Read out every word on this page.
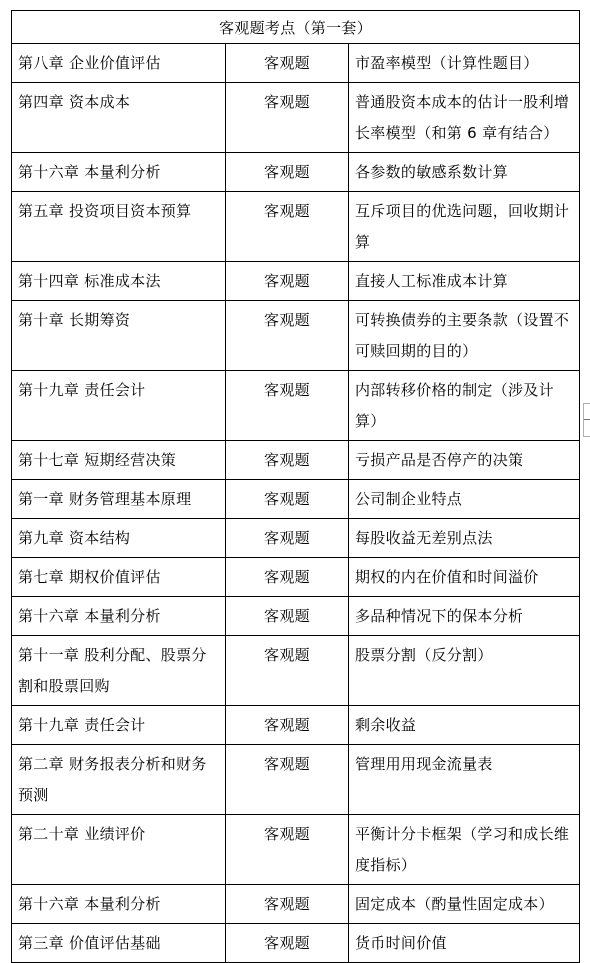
客观题考点（第一套）		
第八章 企业价值评估	客观题	市盈率模型（计算性题目）
第四章 资本成本	客观题	普通股资本成本的估计一股利增长率模型（和第 6 章有结合）
第十六章 本量利分析	客观题	各参数的敏感系数计算
第五章 投资项目资本预算	客观题	互斥项目的优选问题，回收期计算
第十四章 标准成本法	客观题	直接人工标准成本计算
第十章 长期筹资	客观题	可转换债券的主要条款（设置不可赎回期的目的）
第十九章 责任会计	客观题	内部转移价格的制定（涉及计算）
第十七章 短期经营决策	客观题	亏损产品是否停产的决策
第一章 财务管理基本原理	客观题	公司制企业特点
第九章 资本结构	客观题	每股收益无差别点法
第七章 期权价值评估	客观题	期权的内在价值和时间溢价
第十六章 本量利分析	客观题	多品种情况下的保本分析
第十一章 股利分配、股票分割和股票回购	客观题	股票分割（反分割）
第十九章 责任会计	客观题	剩余收益
第二章 财务报表分析和财务预测	客观题	管理用用现金流量表
第二十章 业绩评价	客观题	平衡计分卡框架（学习和成长维度指标）
第十六章 本量利分析	客观题	固定成本（酌量性固定成本）
第三章 价值评估基础	客观题	货币时间价值
